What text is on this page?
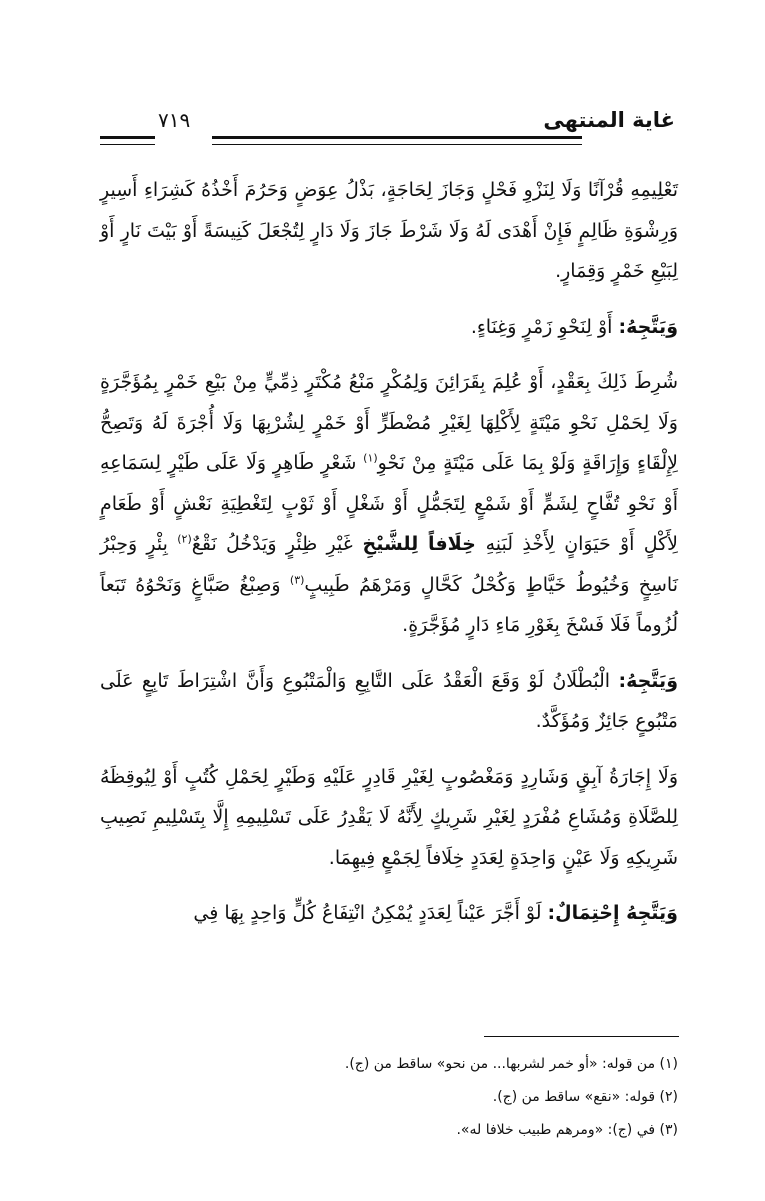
غاية المنتهى
٧١٩

تَعْلِيمِهِ قُرْآنًا وَلَا لِنَزْوِ فَحْلٍ وَجَازَ لِحَاجَةٍ، بَذْلُ عِوَضٍ وَحَرُمَ أَخْذُهُ كَشِرَاءِ أَسِيرٍ وَرِشْوَةِ ظَالِمٍ فَإِنْ أَهْدَى لَهُ وَلَا شَرْطَ جَازَ وَلَا دَارٍ لِتُجْعَلَ كَنِيسَةً أَوْ بَيْتَ نَارٍ أَوْ لِبَيْعِ خَمْرٍ وَقِمَارٍ.

وَيَتَّجِهُ: أَوْ لِنَحْوِ زَمْرٍ وَغِنَاءٍ.

شُرِطَ ذَلِكَ بِعَقْدٍ، أَوْ عُلِمَ بِقَرَائِنَ وَلِمُكْرٍ مَنْعُ مُكْتَرٍ ذِمِّيٍّ مِنْ بَيْعِ خَمْرٍ بِمُؤَجَّرَةٍ وَلَا لِحَمْلِ نَحْوِ مَيْتَةٍ لِأَكْلِهَا لِغَيْرِ مُضْطَرٍّ أَوْ خَمْرٍ لِشُرْبِهَا وَلَا أُجْرَةَ لَهُ وَتَصِحُّ لِإِلْقَاءٍ وَإِرَاقَةٍ وَلَوْ بِمَا عَلَى مَيْتَةٍ مِنْ نَحْوِ$^{(١)}$ شَعْرٍ طَاهِرٍ وَلَا عَلَى طَيْرٍ لِسَمَاعِهِ أَوْ نَحْوِ تُفَّاحٍ لِشَمٍّ أَوْ شَمْعٍ لِتَجَمُّلٍ أَوْ شَغْلٍ أَوْ ثَوْبٍ لِتَغْطِيَةِ نَعْشٍ أَوْ طَعَامٍ لِأَكْلٍ أَوْ حَيَوَانٍ لِأَخْذِ لَبَنِهِ خِلَافاً لِلشَّيْخِ غَيْرِ ظِئْرٍ وَيَدْخُلُ نَقْعٌ$^{(٢)}$ بِئْرٍ وَحِبْرُ نَاسِخٍ وَخُيُوطُ خَيَّاطٍ وَكُحْلُ كَحَّالٍ وَمَرْهَمُ طَبِيبٍ$^{(٣)}$ وَصِبْغُ صَبَّاغٍ وَنَحْوُهُ تَبَعاً لُزُوماً فَلَا فَسْخَ بِغَوْرِ مَاءِ دَارٍ مُؤَجَّرَةٍ.

وَيَتَّجِهُ: الْبُطْلَانُ لَوْ وَقَعَ الْعَقْدُ عَلَى التَّابِعِ وَالْمَتْبُوعِ وَأَنَّ اشْتِرَاطَ تَابِعٍ عَلَى مَتْبُوعٍ جَائِزٌ وَمُؤَكَّدٌ.

وَلَا إِجَارَةُ آبِقٍ وَشَارِدٍ وَمَغْصُوبٍ لِغَيْرِ قَادِرٍ عَلَيْهِ وَطَيْرٍ لِحَمْلِ كُتُبٍ أَوْ لِيُوقِظَهُ لِلصَّلَاةِ وَمُشَاعِ مُفْرَدٍ لِغَيْرِ شَرِيكٍ لِأَنَّهُ لَا يَقْدِرُ عَلَى تَسْلِيمِهِ إِلَّا بِتَسْلِيمِ نَصِيبِ شَرِيكِهِ وَلَا عَيْنٍ وَاحِدَةٍ لِعَدَدٍ خِلَافاً لِجَمْعٍ فِيهِمَا.

وَيَتَّجِهُ إِحْتِمَالٌ: لَوْ أَجَّرَ عَيْناً لِعَدَدٍ يُمْكِنُ انْتِفَاعُ كُلٍّ وَاحِدٍ بِهَا فِي

(١) من قوله: «أو خمر لشربها... من نحو» ساقط من (ج).

(٢) قوله: «نقع» ساقط من (ج).

(٣) في (ج): «ومرهم طبيب خلافا له».
